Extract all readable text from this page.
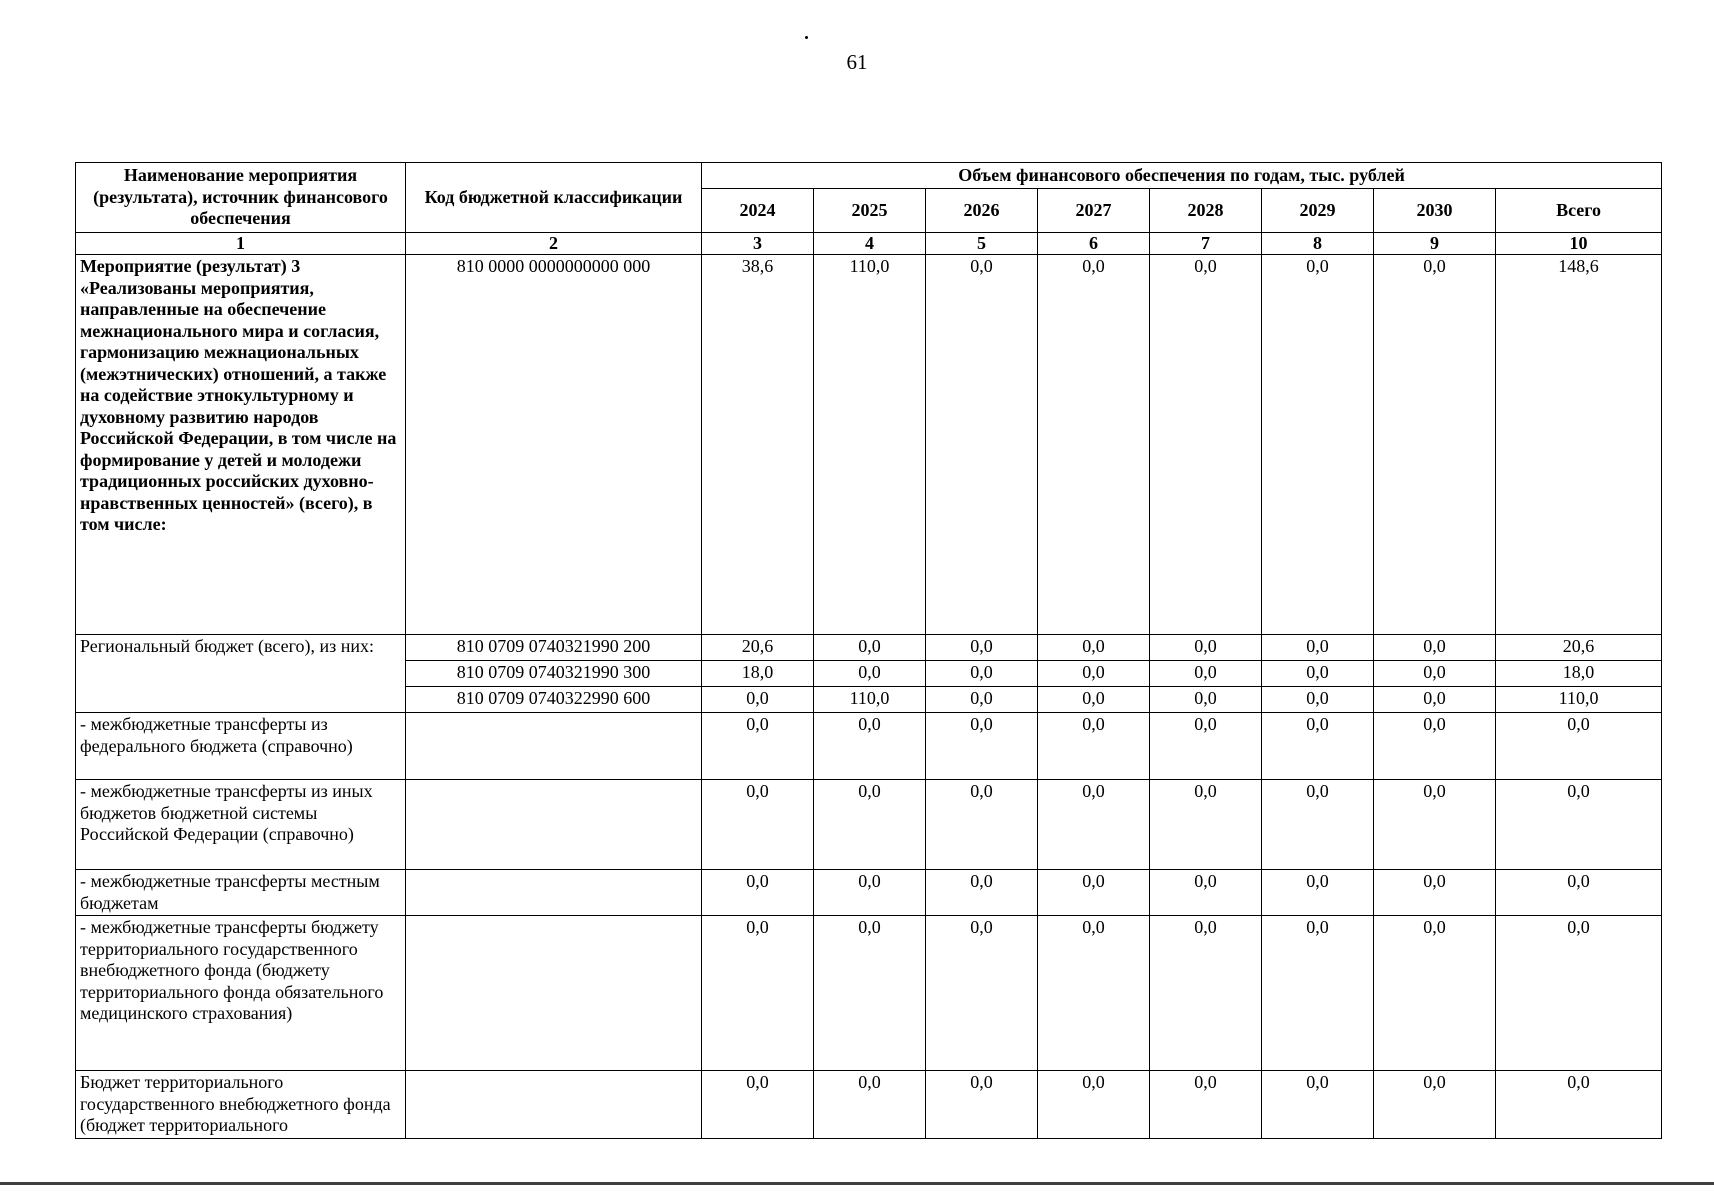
61
Наименование мероприятия (результата), источник финансового обеспечения	Код бюджетной классификации	Объем финансового обеспечения по годам, тыс. рублей							
		2024	2025	2026	2027	2028	2029	2030	Всего
1	2	3	4	5	6	7	8	9	10
Мероприятие (результат) 3 «Реализованы мероприятия, направленные на обеспечение межнационального мира и согласия, гармонизацию межнациональных (межэтнических) отношений, а также на содействие этнокультурному и духовному развитию народов Российской Федерации, в том числе на формирование у детей и молодежи традиционных российских духовно-нравственных ценностей» (всего), в том числе:	810 0000 0000000000 000	38,6	110,0	0,0	0,0	0,0	0,0	0,0	148,6
Региональный бюджет (всего), из них:	810 0709 0740321990 200	20,6	0,0	0,0	0,0	0,0	0,0	0,0	20,6
	810 0709 0740321990 300	18,0	0,0	0,0	0,0	0,0	0,0	0,0	18,0
	810 0709 0740322990 600	0,0	110,0	0,0	0,0	0,0	0,0	0,0	110,0
- межбюджетные трансферты из федерального бюджета (справочно)		0,0	0,0	0,0	0,0	0,0	0,0	0,0	0,0
- межбюджетные трансферты из иных бюджетов бюджетной системы Российской Федерации (справочно)		0,0	0,0	0,0	0,0	0,0	0,0	0,0	0,0
- межбюджетные трансферты местным бюджетам		0,0	0,0	0,0	0,0	0,0	0,0	0,0	0,0
- межбюджетные трансферты бюджету территориального государственного внебюджетного фонда (бюджету территориального фонда обязательного медицинского страхования)		0,0	0,0	0,0	0,0	0,0	0,0	0,0	0,0
Бюджет территориального государственного внебюджетного фонда (бюджет территориального		0,0	0,0	0,0	0,0	0,0	0,0	0,0	0,0
